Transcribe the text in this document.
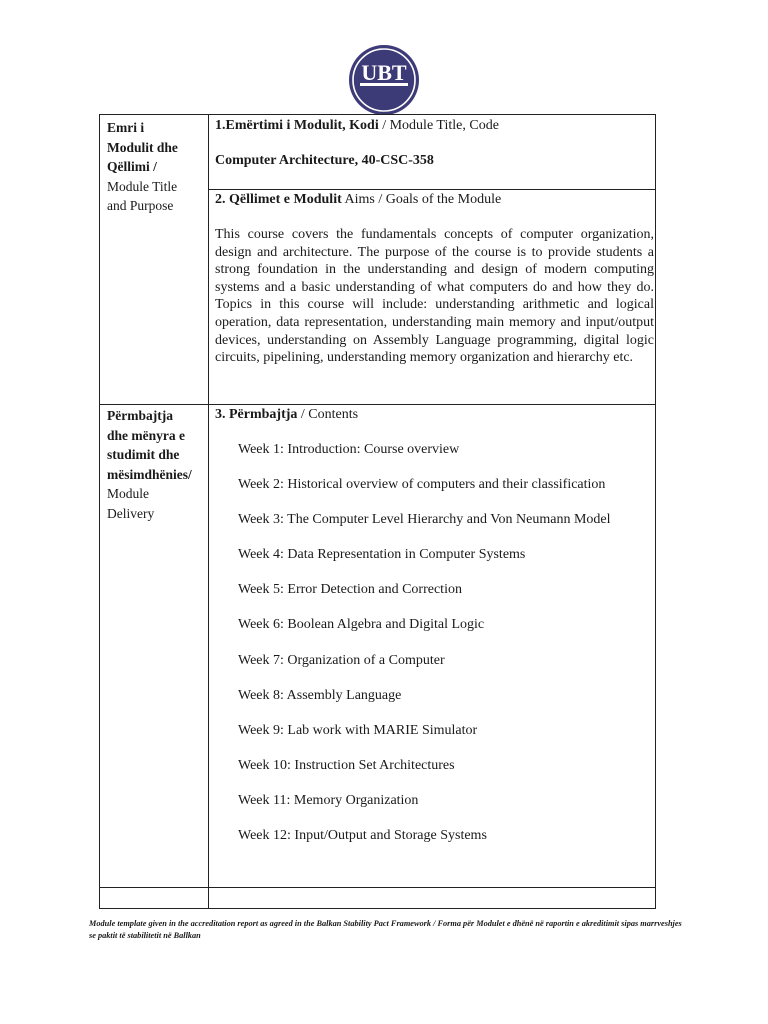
UBT
Emri i
Modulit dhe
Qëllimi /
Module Title
and Purpose
1.Emërtimi i Modulit, Kodi / Module Title, Code
Computer Architecture, 40-CSC-358
2. Qëllimet e Modulit Aims / Goals of the Module
This course covers the fundamentals concepts of computer organization, design and architecture. The purpose of the course is to provide students a strong foundation in the understanding and design of modern computing systems and a basic understanding of what computers do and how they do. Topics in this course will include: understanding arithmetic and logical operation, data representation, understanding main memory and input/output devices, understanding on Assembly Language programming, digital logic circuits, pipelining, understanding memory organization and hierarchy etc.
Përmbajtja
dhe mënyra e
studimit dhe
mësimdhënies/
Module
Delivery
3. Përmbajtja / Contents
Week 1: Introduction: Course overview
Week 2: Historical overview of computers and their classification
Week 3: The Computer Level Hierarchy and Von Neumann Model
Week 4: Data Representation in Computer Systems
Week 5: Error Detection and Correction
Week 6: Boolean Algebra and Digital Logic
Week 7: Organization of a Computer
Week 8: Assembly Language
Week 9: Lab work with MARIE Simulator
Week 10: Instruction Set Architectures
Week 11: Memory Organization
Week 12: Input/Output and Storage Systems
Module template given in the accreditation report as agreed in the Balkan Stability Pact Framework / Forma për Modulet e dhënë në raportin e akreditimit sipas marrveshjes se paktit të stabilitetit në Ballkan
